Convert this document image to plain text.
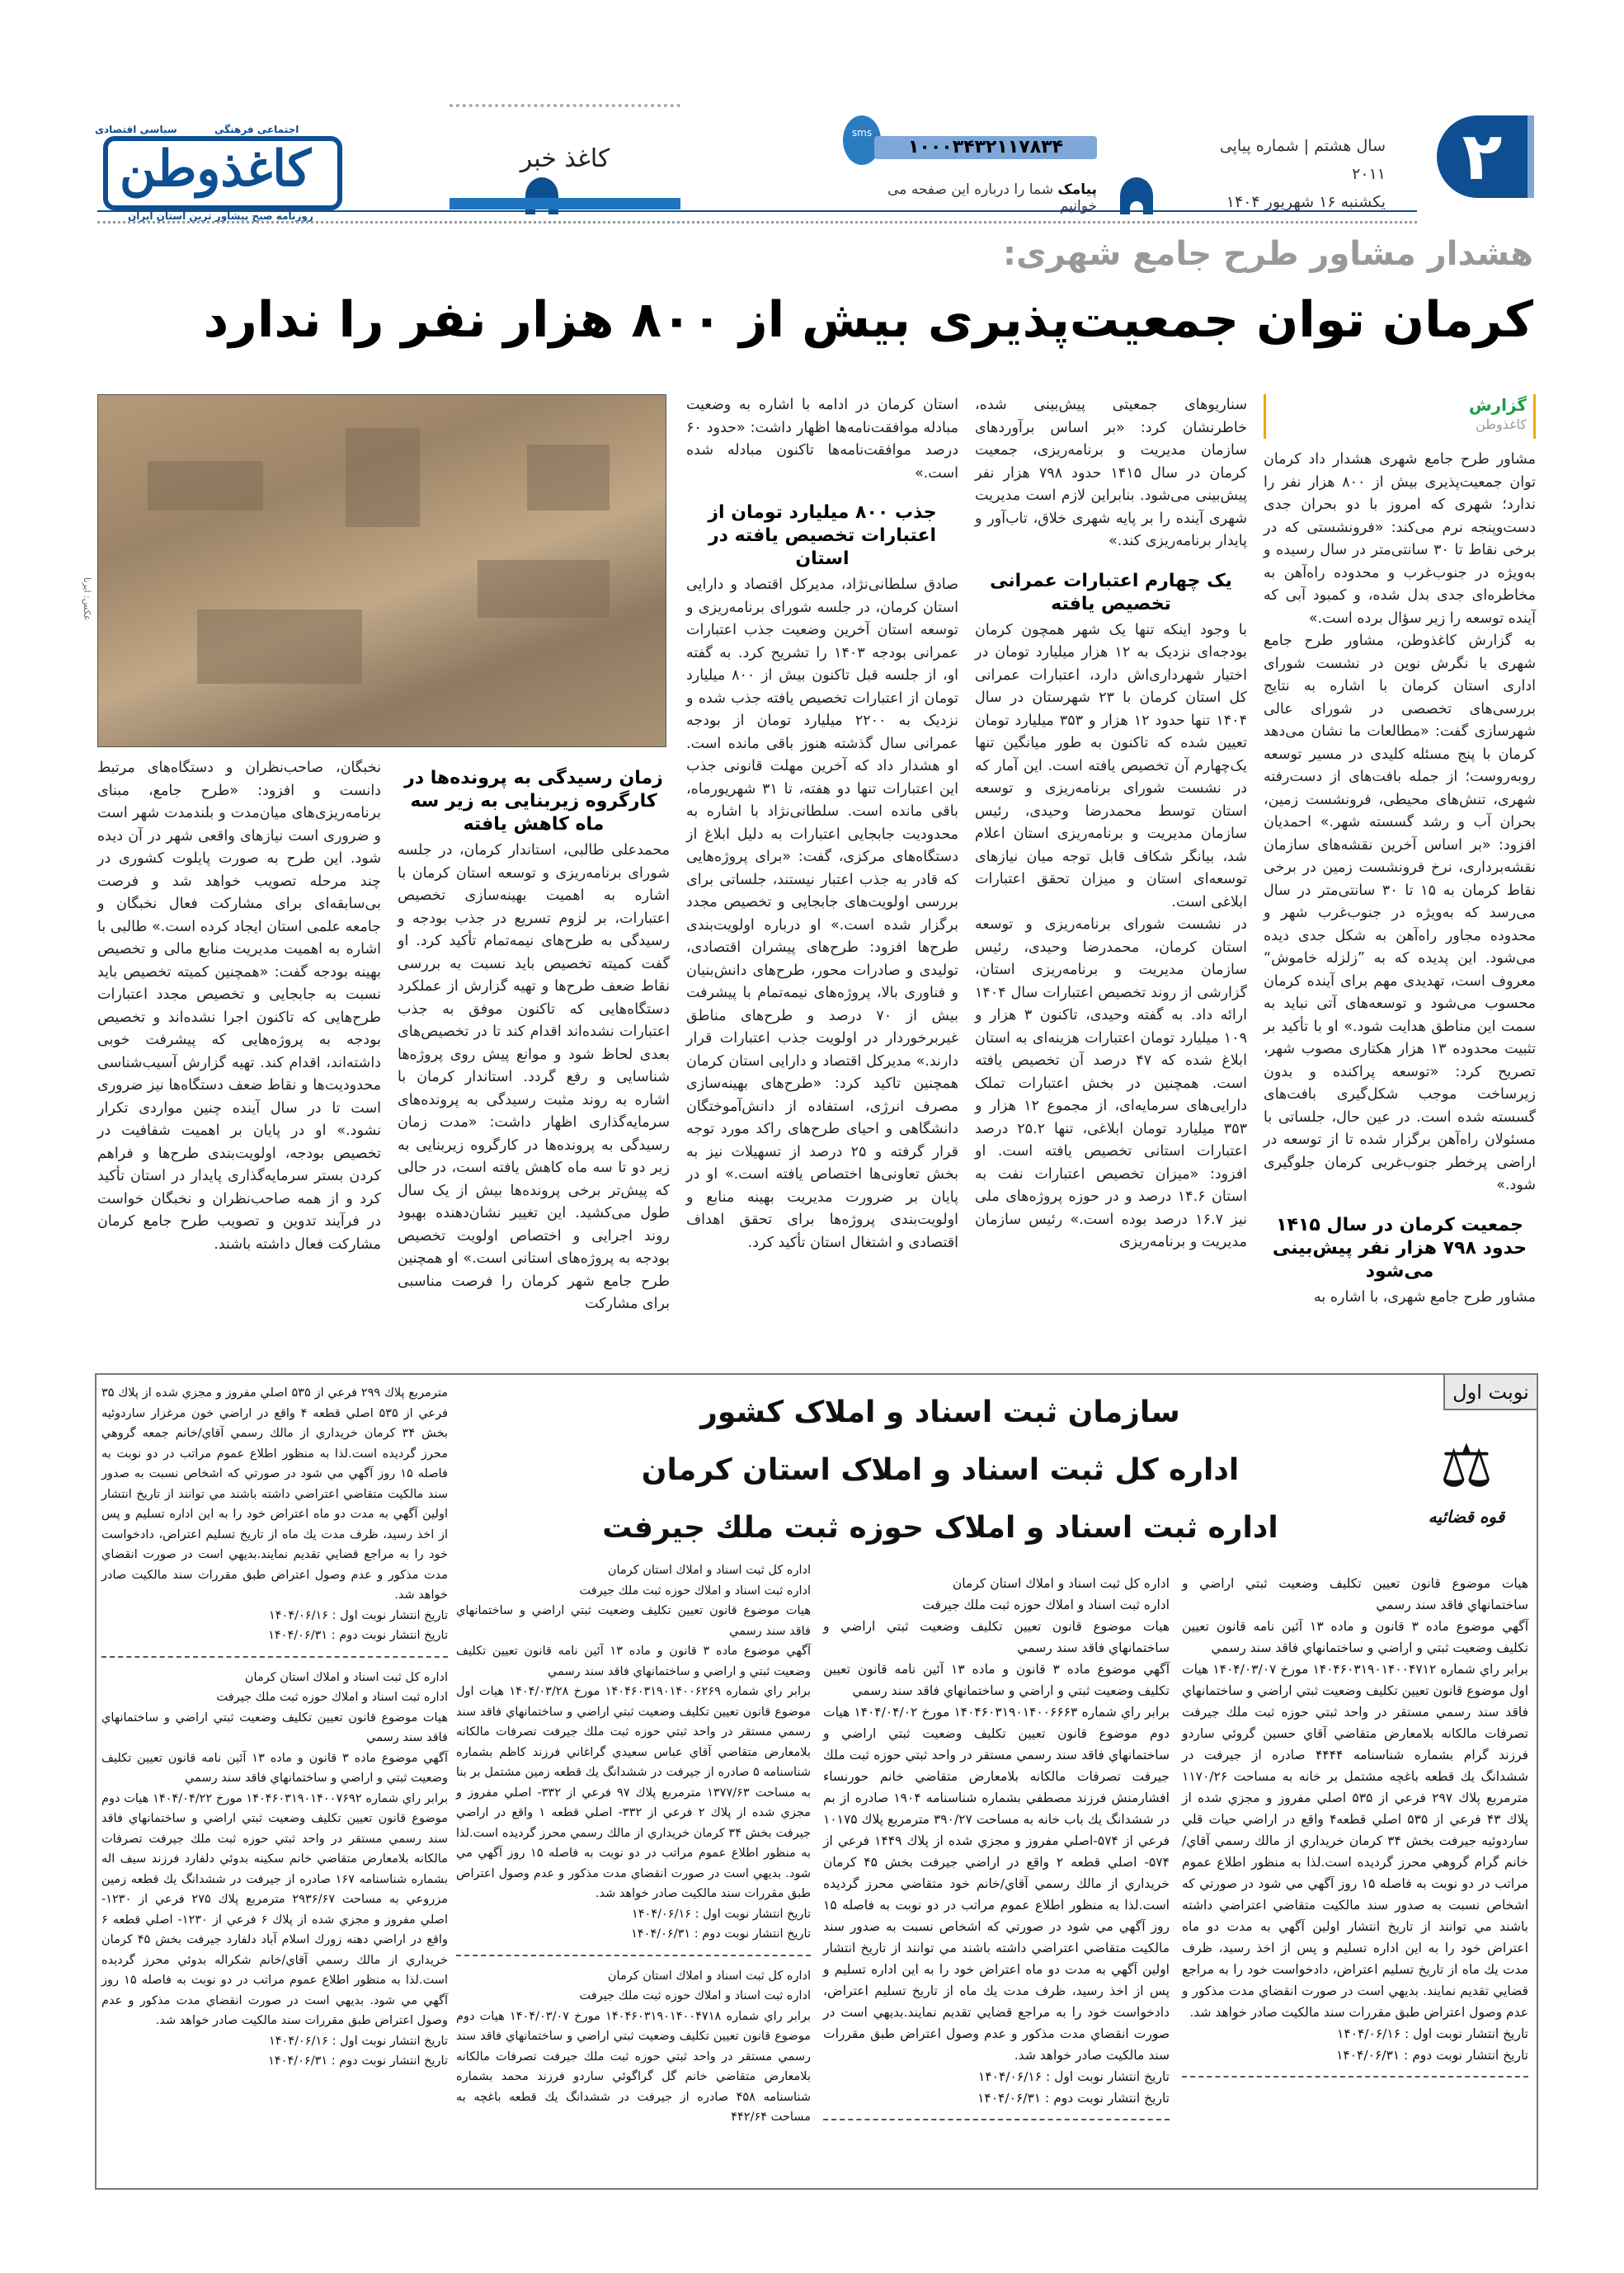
سیاسی اقتصادی	اجتماعی فرهنگی
کاغذوطن
روزنامه صبح پیشاور ترین استان ایران
کاغذ خبر
sms
۱۰۰۰۳۴۳۲۱۱۷۸۳۴
پیامک شما را درباره این صفحه می خوانیم
سال هشتم | شماره پیاپی ۲۰۱۱
یکشنبه ۱۶ شهریور ۱۴۰۴
۲
هشدار مشاور طرح جامع شهری:
کرمان توان جمعیت‌پذیری بیش از ۸۰۰ هزار نفر را ندارد
گزارش
کاغذوطن

مشاور طرح جامع شهری هشدار داد کرمان توان جمعیت‌پذیری بیش از ۸۰۰ هزار نفر را ندارد؛ شهری که امروز با دو بحران جدی دست‌وپنجه نرم می‌کند: «فرونشستی که در برخی نقاط تا ۳۰ سانتی‌متر در سال رسیده و به‌ویژه در جنوب‌غرب و محدوده راه‌آهن به مخاطره‌ای جدی بدل شده، و کمبود آبی که آینده توسعه را زیر سؤال برده است.»

به گزارش کاغذوطن، مشاور طرح جامع شهری با نگرش نوین در نشست شورای اداری استان کرمان با اشاره به نتایج بررسی‌های تخصصی در شورای عالی شهرسازی گفت: «مطالعات ما نشان می‌دهد کرمان با پنج مسئله کلیدی در مسیر توسعه روبه‌روست؛ از جمله بافت‌های از دست‌رفته شهری، تنش‌های محیطی، فرونشست زمین، بحران آب و رشد گسسته شهر.» احمدیان افزود: «بر اساس آخرین نقشه‌های سازمان نقشه‌برداری، نرخ فرونشست زمین در برخی نقاط کرمان به ۱۵ تا ۳۰ سانتی‌متر در سال می‌رسد که به‌ویژه در جنوب‌غرب شهر و محدوده مجاور راه‌آهن به شکل جدی دیده می‌شود. این پدیده که به ”زلزله خاموش“ معروف است، تهدیدی مهم برای آینده کرمان محسوب می‌شود و توسعه‌های آتی نباید به سمت این مناطق هدایت شود.» او با تأکید بر تثبیت محدوده ۱۳ هزار هکتاری مصوب شهر، تصریح کرد: «توسعه پراکنده و بدون زیرساخت موجب شکل‌گیری بافت‌های گسسته شده است. در عین حال، جلساتی با مسئولان راه‌آهن برگزار شده تا از توسعه در اراضی پرخطر جنوب‌غربی کرمان جلوگیری شود.»

جمعیت کرمان در سال ۱۴۱۵ حدود ۷۹۸ هزار نفر پیش‌بینی می‌شود

مشاور طرح جامع شهری، با اشاره به

سناریوهای جمعیتی پیش‌بینی شده، خاطرنشان کرد: «بر اساس برآوردهای سازمان مدیریت و برنامه‌ریزی، جمعیت کرمان در سال ۱۴۱۵ حدود ۷۹۸ هزار نفر پیش‌بینی می‌شود. بنابراین لازم است مدیریت شهری آینده را بر پایه شهری خلاق، تاب‌آور و پایدار برنامه‌ریزی کند.»

یک چهارم اعتبارات عمرانی تخصیص یافته

با وجود اینکه تنها یک شهر همچون کرمان بودجه‌ای نزدیک به ۱۲ هزار میلیارد تومان در اختیار شهرداری‌اش دارد، اعتبارات عمرانی کل استان کرمان با ۲۳ شهرستان در سال ۱۴۰۴ تنها حدود ۱۲ هزار و ۳۵۳ میلیارد تومان تعیین شده که تاکنون به طور میانگین تنها یک‌چهارم آن تخصیص یافته است. این آمار که در نشست شورای برنامه‌ریزی و توسعه استان توسط محمدرضا وحیدی، رئیس سازمان مدیریت و برنامه‌ریزی استان اعلام شد، بیانگر شکاف قابل توجه میان نیازهای توسعه‌ای استان و میزان تحقق اعتبارات ابلاغی است.

در نشست شورای برنامه‌ریزی و توسعه استان کرمان، محمدرضا وحیدی، رئیس سازمان مدیریت و برنامه‌ریزی استان، گزارشی از روند تخصیص اعتبارات سال ۱۴۰۴ ارائه داد. به گفته وحیدی، تاکنون ۳ هزار و ۱۰۹ میلیارد تومان اعتبارات هزینه‌ای به استان ابلاغ شده که ۴۷ درصد آن تخصیص یافته است. همچنین در بخش اعتبارات تملک دارایی‌های سرمایه‌ای، از مجموع ۱۲ هزار و ۳۵۳ میلیارد تومان ابلاغی، تنها ۲۵.۲ درصد اعتبارات استانی تخصیص یافته است. او افزود: «میزان تخصیص اعتبارات نفت به استان ۱۴.۶ درصد و در حوزه پروژه‌های ملی نیز ۱۶.۷ درصد بوده است.» رئیس سازمان مدیریت و برنامه‌ریزی

استان کرمان در ادامه با اشاره به وضعیت مبادله موافقت‌نامه‌ها اظهار داشت: «حدود ۶۰ درصد موافقت‌نامه‌ها تاکنون مبادله شده است.»

جذب ۸۰۰ میلیارد تومان از اعتبارات تخصیص یافته در استان

صادق سلطانی‌نژاد، مدیرکل اقتصاد و دارایی استان کرمان، در جلسه شورای برنامه‌ریزی و توسعه استان آخرین وضعیت جذب اعتبارات عمرانی بودجه ۱۴۰۳ را تشریح کرد. به گفته او، از جلسه قبل تاکنون بیش از ۸۰۰ میلیارد تومان از اعتبارات تخصیص یافته جذب شده و نزدیک به ۲۲۰۰ میلیارد تومان از بودجه عمرانی سال گذشته هنوز باقی مانده است. او هشدار داد که آخرین مهلت قانونی جذب این اعتبارات تنها دو هفته، تا ۳۱ شهریورماه، باقی مانده است. سلطانی‌نژاد با اشاره به محدودیت جابجایی اعتبارات به دلیل ابلاغ از دستگاه‌های مرکزی، گفت: «برای پروژه‌هایی که قادر به جذب اعتبار نیستند، جلساتی برای بررسی اولویت‌های جابجایی و تخصیص مجدد برگزار شده است.» او درباره اولویت‌بندی طرح‌ها افزود: طرح‌های پیشران اقتصادی، تولیدی و صادرات محور، طرح‌های دانش‌بنیان و فناوری بالا، پروژه‌های نیمه‌تمام با پیشرفت بیش از ۷۰ درصد و طرح‌های مناطق غیربرخوردار در اولویت جذب اعتبارات قرار دارند.» مدیرکل اقتصاد و دارایی استان کرمان همچنین تاکید کرد: «طرح‌های بهینه‌سازی مصرف انرژی، استفاده از دانش‌آموختگان دانشگاهی و احیای طرح‌های راکد مورد توجه قرار گرفته و ۲۵ درصد از تسهیلات نیز به بخش تعاونی‌ها اختصاص یافته است.» او در پایان بر ضرورت مدیریت بهینه منابع و اولویت‌بندی پروژه‌ها برای تحقق اهداف اقتصادی و اشتغال استان تأکید کرد.

عکس: ایرنا
زمان رسیدگی به پرونده‌ها در کارگروه زیربنایی به زیر سه ماه کاهش یافته

محمدعلی طالبی، استاندار کرمان، در جلسه شورای برنامه‌ریزی و توسعه استان کرمان با اشاره به اهمیت بهینه‌سازی تخصیص اعتبارات، بر لزوم تسریع در جذب بودجه و رسیدگی به طرح‌های نیمه‌تمام تأکید کرد. او گفت کمیته تخصیص باید نسبت به بررسی نقاط ضعف طرح‌ها و تهیه گزارش از عملکرد دستگاه‌هایی که تاکنون موفق به جذب اعتبارات نشده‌اند اقدام کند تا در تخصیص‌های بعدی لحاظ شود و موانع پیش روی پروژه‌ها شناسایی و رفع گردد. استاندار کرمان با اشاره به روند مثبت رسیدگی به پرونده‌های سرمایه‌گذاری اظهار داشت: «مدت زمان رسیدگی به پرونده‌ها در کارگروه زیربنایی به زیر دو تا سه ماه کاهش یافته است، در حالی که پیش‌تر برخی پرونده‌ها بیش از یک سال طول می‌کشید. این تغییر نشان‌دهنده بهبود روند اجرایی و اختصاص اولویت تخصیص بودجه به پروژه‌های استانی است.» او همچنین طرح جامع شهر کرمان را فرصت مناسبی برای مشارکت

نخبگان، صاحب‌نظران و دستگاه‌های مرتبط دانست و افزود: «طرح جامع، مبنای برنامه‌ریزی‌های میان‌مدت و بلندمدت شهر است و ضروری است نیازهای واقعی شهر در آن دیده شود. این طرح به صورت پایلوت کشوری در چند مرحله تصویب خواهد شد و فرصت بی‌سابقه‌ای برای مشارکت فعال نخبگان و جامعه علمی استان ایجاد کرده است.» طالبی با اشاره به اهمیت مدیریت منابع مالی و تخصیص بهینه بودجه گفت: «همچنین کمیته تخصیص باید نسبت به جابجایی و تخصیص مجدد اعتبارات طرح‌هایی که تاکنون اجرا نشده‌اند و تخصیص بودجه به پروژه‌هایی که پیشرفت خوبی داشته‌اند، اقدام کند. تهیه گزارش آسیب‌شناسی محدودیت‌ها و نقاط ضعف دستگاه‌ها نیز ضروری است تا در سال آینده چنین مواردی تکرار نشود.» او در پایان بر اهمیت شفافیت در تخصیص بودجه، اولویت‌بندی طرح‌ها و فراهم کردن بستر سرمایه‌گذاری پایدار در استان تأکید کرد و از همه صاحب‌نظران و نخبگان خواست در فرآیند تدوین و تصویب طرح جامع کرمان مشارکت فعال داشته باشند.

نوبت اول
سازمان ثبت اسناد و املاک کشور
اداره کل ثبت اسناد و املاک استان کرمان
اداره ثبت اسناد و املاک حوزه ثبت ملك جيرفت
⚖
قوه قضائیه

هيات موضوع قانون تعيين تكليف وضعيت ثبتي اراضي و ساختمانهاي فاقد سند رسمي

آگهي موضوع ماده ۳ قانون و ماده ۱۳ آئين نامه قانون تعيين تكليف وضعيت ثبتي و اراضي و ساختمانهاي فاقد سند رسمي

برابر راي شماره ۱۴۰۴۶۰۳۱۹۰۱۴۰۰۴۷۱۲ مورخ ۱۴۰۴/۰۳/۰۷ هيات اول موضوع قانون تعيين تكليف وضعيت ثبتي اراضي و ساختمانهاي فاقد سند رسمي مستقر در واحد ثبتي حوزه ثبت ملك جيرفت تصرفات مالكانه بلامعارض متقاضي آقاي حسين گروئي ساردو فرزند گرام بشماره شناسنامه ۴۴۴۴ صادره از جيرفت در ششدانگ يك قطعه باغچه مشتمل بر خانه به مساحت ۱۱۷۰/۲۶ مترمربع پلاك ۲۹۷ فرعي از ۵۳۵ اصلي مفروز و مجزي شده از پلاك ۴۳ فرعي از ۵۳۵ اصلي قطعه۴ واقع در اراضي حيات قلي ساردوئيه جيرفت بخش ۳۴ كرمان خريداري از مالك رسمي آقاي/خانم گرام گروهي محرز گرديده است.لذا به منظور اطلاع عموم مراتب در دو نوبت به فاصله ۱۵ روز آگهي مي شود در صورتي كه اشخاص نسبت به صدور سند مالكيت متقاضي اعتراضي داشته باشند مي توانند از تاريخ انتشار اولين آگهي به مدت دو ماه اعتراض خود را به اين اداره تسليم و پس از اخذ رسيد، ظرف مدت يك ماه از تاريخ تسليم اعتراض، دادخواست خود را به مراجع قضايي تقديم نمايند. بديهي است در صورت انقضاي مدت مذكور و عدم وصول اعتراض طبق مقررات سند مالكيت صادر خواهد شد.

تاريخ انتشار نوبت اول : ۱۴۰۴/۰۶/۱۶

تاريخ انتشار نوبت دوم : ۱۴۰۴/۰۶/۳۱

اداره كل ثبت اسناد و املاك استان كرمان

اداره ثبت اسناد و املاك حوزه ثبت ملك جيرفت

هيات موضوع قانون تعيين تكليف وضعيت ثبتي اراضي و ساختمانهاي فاقد سند رسمي

آگهي موضوع ماده ۳ قانون و ماده ۱۳ آئين نامه قانون تعيين تكليف وضعيت ثبتي و اراضي و ساختمانهاي فاقد سند رسمي

برابر راي شماره ۱۴۰۴۶۰۳۱۹۰۱۴۰۰۶۶۶۳ مورخ ۱۴۰۴/۰۴/۰۲ هيات دوم موضوع قانون تعيين تكليف وضعيت ثبتي اراضي و ساختمانهاي فاقد سند رسمي مستقر در واحد ثبتي حوزه ثبت ملك جيرفت تصرفات مالكانه بلامعارض متقاضي خانم حورنساء افشارمنش فرزند مصطفي بشماره شناسنامه ۱۹۰۴ صادره از بم در ششدانگ يك باب خانه به مساحت ۳۹۰/۲۷ مترمربع پلاك ۱۰۱۷۵ فرعي از ۵۷۴-اصلي مفروز و مجزي شده از پلاك ۱۴۴۹ فرعي از ۵۷۴- اصلي قطعه ۲ واقع در اراضي جيرفت بخش ۴۵ كرمان خريداري از مالك رسمي آقاي/خانم خود متقاضي محرز گرديده است.لذا به منظور اطلاع عموم مراتب در دو نوبت به فاصله ۱۵ روز آگهي مي شود در صورتي كه اشخاص نسبت به صدور سند مالكيت متقاضي اعتراضي داشته باشند مي توانند از تاريخ انتشار اولين آگهي به مدت دو ماه اعتراض خود را به اين اداره تسليم و پس از اخذ رسيد، ظرف مدت يك ماه از تاريخ تسليم اعتراض، دادخواست خود را به مراجع قضايي تقديم نمايند.بديهي است در صورت انقضاي مدت مذكور و عدم وصول اعتراض طبق مقررات سند مالكيت صادر خواهد شد.

تاريخ انتشار نوبت اول : ۱۴۰۴/۰۶/۱۶

تاريخ انتشار نوبت دوم : ۱۴۰۴/۰۶/۳۱

اداره كل ثبت اسناد و املاك استان كرمان

اداره ثبت اسناد و املاك حوزه ثبت ملك جيرفت

هيات موضوع قانون تعيين تكليف وضعيت ثبتي اراضي و ساختمانهاي فاقد سند رسمي

آگهي موضوع ماده ۳ قانون و ماده ۱۳ آئين نامه قانون تعيين تكليف وضعيت ثبتي و اراضي و ساختمانهاي فاقد سند رسمي

برابر راي شماره ۱۴۰۴۶۰۳۱۹۰۱۴۰۰۶۲۶۹ مورخ ۱۴۰۴/۰۳/۲۸ هيات اول موضوع قانون تعيين تكليف وضعيت ثبتي اراضي و ساختمانهاي فاقد سند رسمي مستقر در واحد ثبتي حوزه ثبت ملك جيرفت تصرفات مالكانه بلامعارض متقاضي آقاي عباس سعيدي گراغاني فرزند كاظم بشماره شناسنامه ۵ صادره از جيرفت در ششدانگ يك قطعه زمين مشتمل بر بنا به مساحت ۱۳۷۷/۶۳ مترمربع پلاك ۹۷ فرعي از ۳۳۲- اصلي مفروز و مجزي شده از پلاك ۲ فرعي از ۳۳۲- اصلي قطعه ۱ واقع در اراضي جيرفت بخش ۳۴ كرمان خريداري از مالك رسمي محرز گرديده است.لذا به منظور اطلاع عموم مراتب در دو نوبت به فاصله ۱۵ روز آگهي مي شود. بديهي است در صورت انقضاي مدت مذكور و عدم وصول اعتراض طبق مقررات سند مالكيت صادر خواهد شد.

تاريخ انتشار نوبت اول : ۱۴۰۴/۰۶/۱۶

تاريخ انتشار نوبت دوم : ۱۴۰۴/۰۶/۳۱

اداره كل ثبت اسناد و املاك استان كرمان

اداره ثبت اسناد و املاك حوزه ثبت ملك جيرفت

برابر راي شماره ۱۴۰۴۶۰۳۱۹۰۱۴۰۰۴۷۱۸ مورخ ۱۴۰۴/۰۳/۰۷ هيات دوم موضوع قانون تعيين تكليف وضعيت ثبتي اراضي و ساختمانهاي فاقد سند رسمي مستقر در واحد ثبتي حوزه ثبت ملك جيرفت تصرفات مالكانه بلامعارض متقاضي خانم گل گراگوئي ساردو فرزند محمد بشماره شناسنامه ۴۵۸ صادره از جيرفت در ششدانگ يك قطعه باغچه به مساحت ۴۴۲/۶۴

مترمربع پلاك ۲۹۹ فرعي از ۵۳۵ اصلي مفروز و مجزي شده از پلاك ۳۵ فرعي از ۵۳۵ اصلي قطعه ۴ واقع در اراضي خون مرغزار ساردوئيه بخش ۳۴ كرمان خريداري از مالك رسمي آقاي/خانم جمعه گروهي محرز گرديده است.لذا به منظور اطلاع عموم مراتب در دو نوبت به فاصله ۱۵ روز آگهي مي شود در صورتي كه اشخاص نسبت به صدور سند مالكيت متقاضي اعتراضي داشته باشند مي توانند از تاريخ انتشار اولين آگهي به مدت دو ماه اعتراض خود را به اين اداره تسليم و پس از اخذ رسيد، ظرف مدت يك ماه از تاريخ تسليم اعتراض، دادخواست خود را به مراجع قضايي تقديم نمايند.بديهي است در صورت انقضاي مدت مذكور و عدم وصول اعتراض طبق مقررات سند مالكيت صادر خواهد شد.

تاريخ انتشار نوبت اول : ۱۴۰۴/۰۶/۱۶

تاريخ انتشار نوبت دوم : ۱۴۰۴/۰۶/۳۱

اداره كل ثبت اسناد و املاك استان كرمان

اداره ثبت اسناد و املاك حوزه ثبت ملك جيرفت

هيات موضوع قانون تعيين تكليف وضعيت ثبتي اراضي و ساختمانهاي فاقد سند رسمي

آگهي موضوع ماده ۳ قانون و ماده ۱۳ آئين نامه قانون تعيين تكليف وضعيت ثبتي و اراضي و ساختمانهاي فاقد سند رسمي

برابر راي شماره ۱۴۰۴۶۰۳۱۹۰۱۴۰۰۷۶۹۲ مورخ ۱۴۰۴/۰۴/۲۲ هيات دوم موضوع قانون تعيين تكليف وضعيت ثبتي اراضي و ساختمانهاي فاقد سند رسمي مستقر در واحد ثبتي حوزه ثبت ملك جيرفت تصرفات مالكانه بلامعارض متقاضي خانم سكينه بدوئي دلفارد فرزند سيف اله بشماره شناسنامه ۱۶۷ صادره از جيرفت در ششدانگ يك قطعه زمين مزروعي به مساحت ۲۹۳۶/۶۷ مترمربع پلاك ۲۷۵ فرعي از ۱۲۳۰- اصلي مفروز و مجزي شده از پلاك ۶ فرعي از ۱۲۳۰- اصلي قطعه ۶ واقع در اراضي دهنه زورك اسلام آباد دلفارد جيرفت بخش ۴۵ كرمان خريداري از مالك رسمي آقاي/خانم شكراله بدوئي محرز گرديده است.لذا به منظور اطلاع عموم مراتب در دو نوبت به فاصله ۱۵ روز آگهي مي شود. بديهي است در صورت انقضاي مدت مذكور و عدم وصول اعتراض طبق مقررات سند مالكيت صادر خواهد شد.

تاريخ انتشار نوبت اول : ۱۴۰۴/۰۶/۱۶

تاريخ انتشار نوبت دوم : ۱۴۰۴/۰۶/۳۱
